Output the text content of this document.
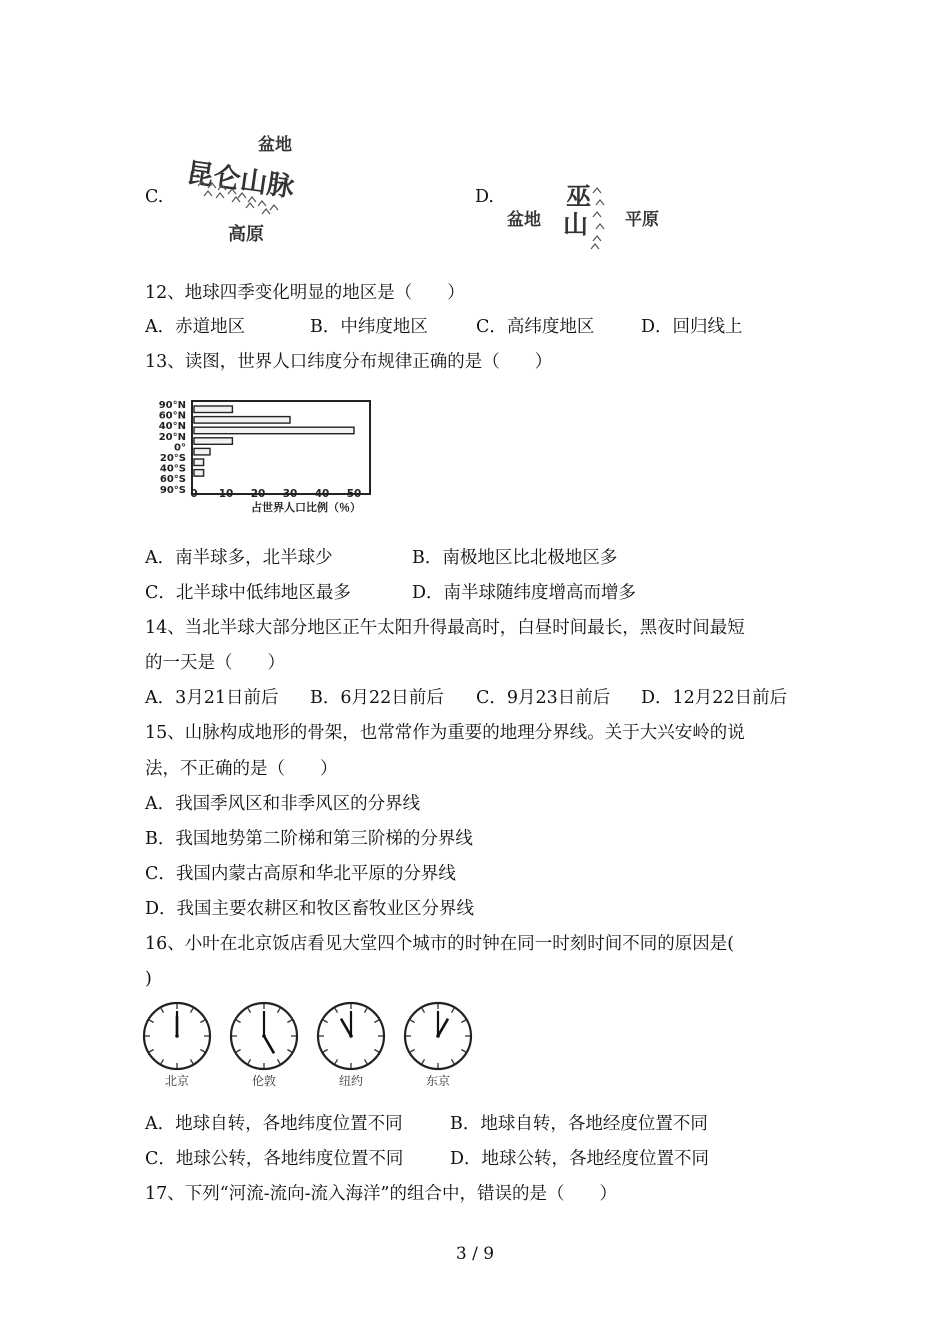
C.
盆地
昆仑山脉
高原
D.
盆地
巫
山 平原
12、地球四季变化明显的地区是（　　）
A．赤道地区	B．中纬度地区	C．高纬度地区	D．回归线上
13、读图，世界人口纬度分布规律正确的是（　　）
90°N
60°N
40°N
20°N
0°
20°S
40°S
60°S
90°S 0 10 20 30 40 50
占世界人口比例（％）
A．南半球多，北半球少	B．南极地区比北极地区多
C．北半球中低纬地区最多	D．南半球随纬度增高而增多
14、当北半球大部分地区正午太阳升得最高时，白昼时间最长，黑夜时间最短
的一天是（　　）
A．3月21日前后 B．6月22日前后 C．9月23日前后 D．12月22日前后
15、山脉构成地形的骨架，也常常作为重要的地理分界线。关于大兴安岭的说
法，不正确的是（　　）
A．我国季风区和非季风区的分界线
B．我国地势第二阶梯和第三阶梯的分界线
C．我国内蒙古高原和华北平原的分界线
D．我国主要农耕区和牧区畜牧业区分界线
16、小叶在北京饭店看见大堂四个城市的时钟在同一时刻时间不同的原因是(
)
北京	伦敦	纽约	东京
A．地球自转，各地纬度位置不同	B．地球自转，各地经度位置不同
C．地球公转，各地纬度位置不同	D．地球公转，各地经度位置不同
17、下列“河流-流向-流入海洋”的组合中，错误的是（　　）
3 / 9
